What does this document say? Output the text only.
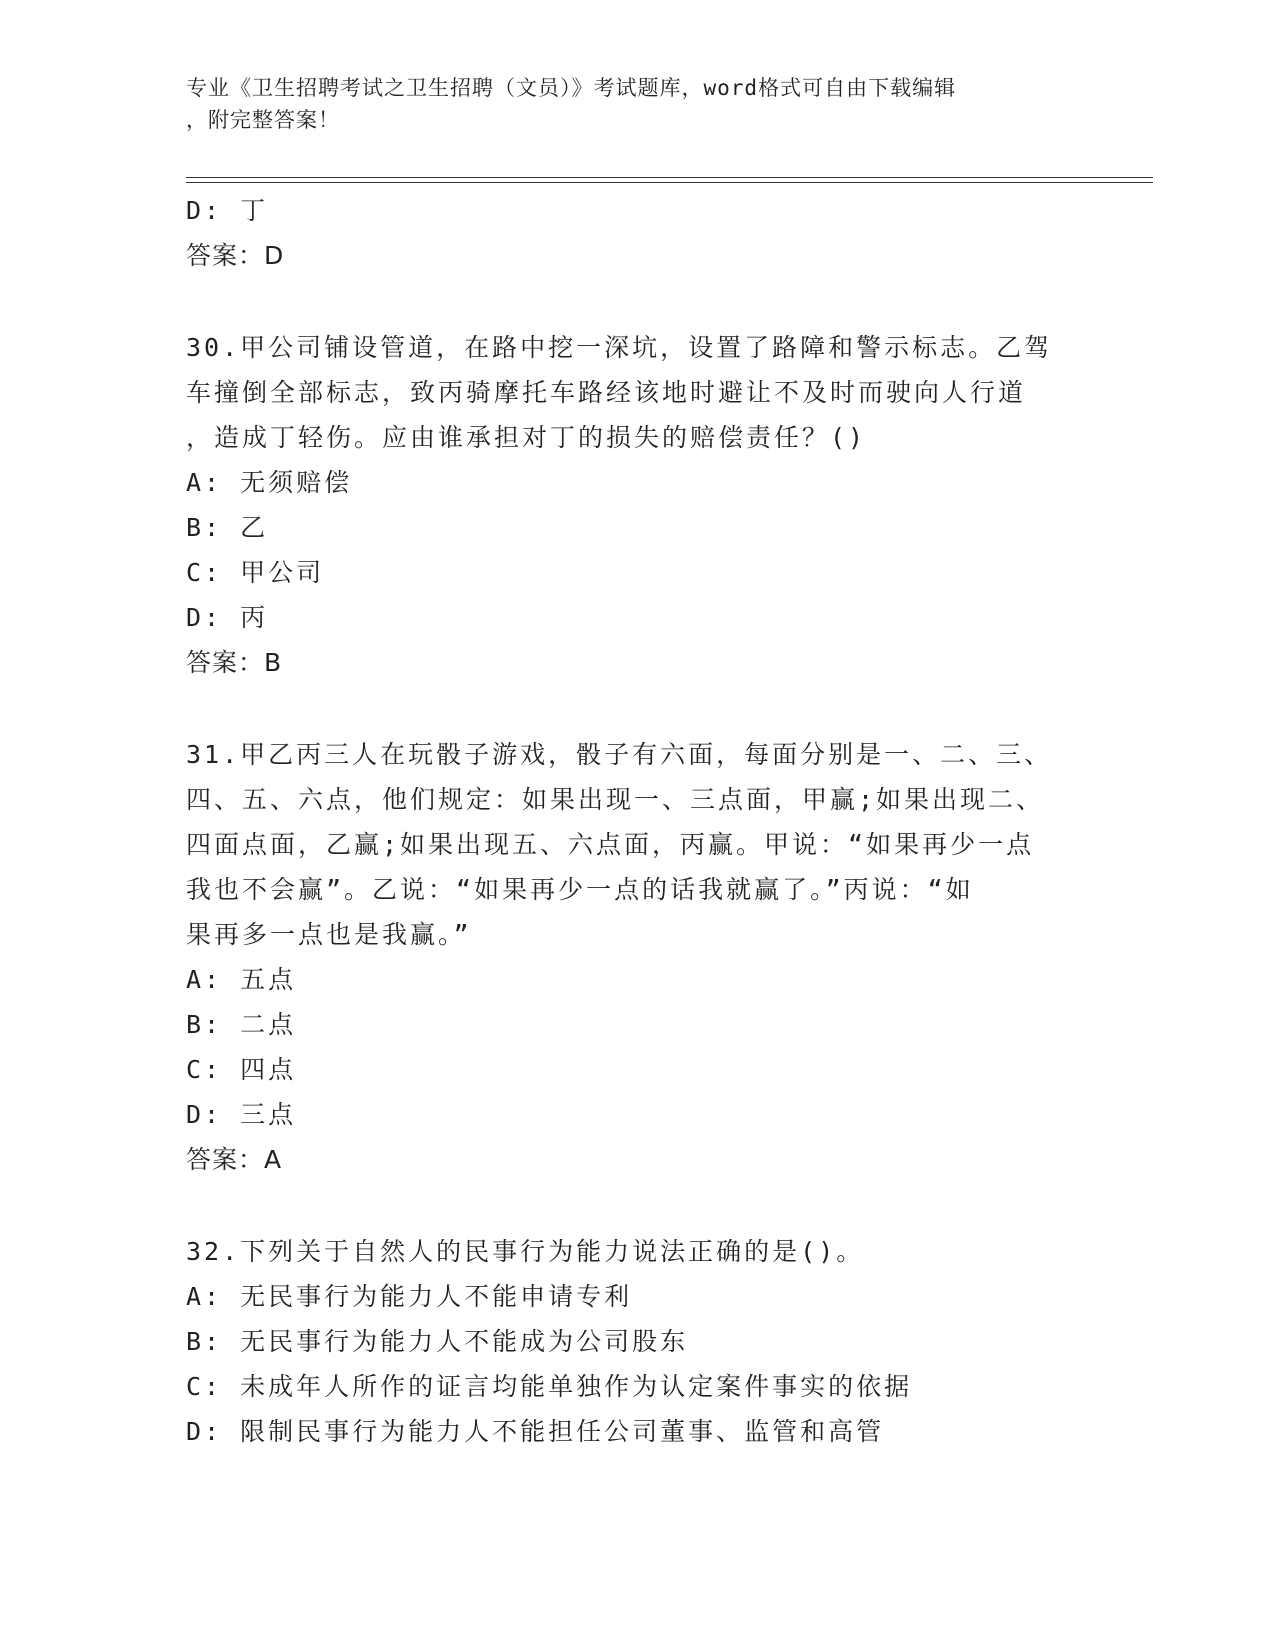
专业《卫生招聘考试之卫生招聘（文员）》考试题库，word格式可自由下载编辑
，附完整答案！
D: 丁
答案：D
30.甲公司铺设管道，在路中挖一深坑，设置了路障和警示标志。乙驾
车撞倒全部标志，致丙骑摩托车路经该地时避让不及时而驶向人行道
，造成丁轻伤。应由谁承担对丁的损失的赔偿责任？()
A: 无须赔偿
B: 乙
C: 甲公司
D: 丙
答案：B
31.甲乙丙三人在玩骰子游戏，骰子有六面，每面分别是一、二、三、
四、五、六点，他们规定：如果出现一、三点面，甲赢;如果出现二、
四面点面，乙赢;如果出现五、六点面，丙赢。甲说：“如果再少一点
我也不会赢”。乙说：“如果再少一点的话我就赢了。”丙说：“如
果再多一点也是我赢。”
A: 五点
B: 二点
C: 四点
D: 三点
答案：A
32.下列关于自然人的民事行为能力说法正确的是()。
A: 无民事行为能力人不能申请专利
B: 无民事行为能力人不能成为公司股东
C: 未成年人所作的证言均能单独作为认定案件事实的依据
D: 限制民事行为能力人不能担任公司董事、监管和高管
